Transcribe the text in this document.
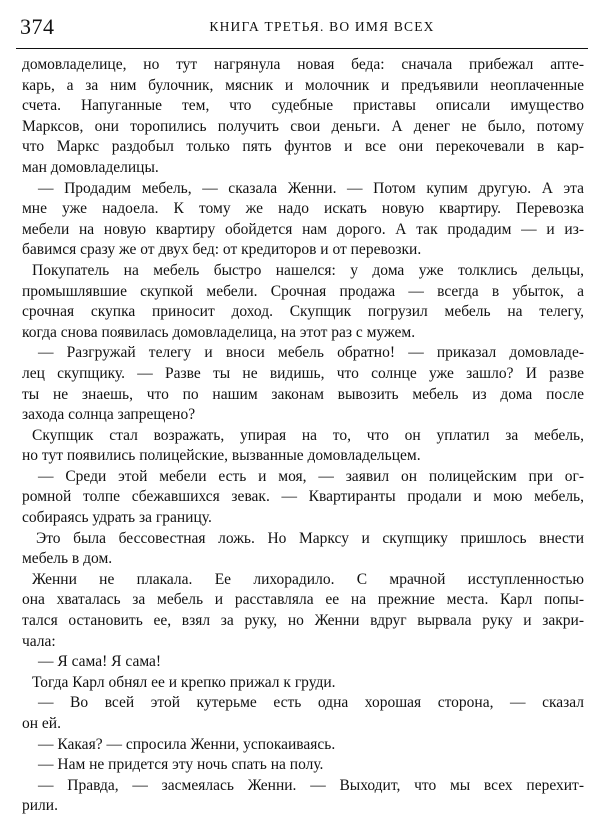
374	КНИГА ТРЕТЬЯ. ВО ИМЯ ВСЕХ
домовладелице, но тут нагрянула новая беда: сначала прибежал апте-
карь, а за ним булочник, мясник и молочник и предъявили неоплаченные
счета. Напуганные тем, что судебные приставы описали имущество
Марксов, они торопились получить свои деньги. А денег не было, потому
что Маркс раздобыл только пять фунтов и все они перекочевали в кар-
ман домовладелицы.
— Продадим мебель, — сказала Женни. — Потом купим другую. А эта
мне уже надоела. К тому же надо искать новую квартиру. Перевозка
мебели на новую квартиру обойдется нам дорого. А так продадим — и из-
бавимся сразу же от двух бед: от кредиторов и от перевозки.
Покупатель на мебель быстро нашелся: у дома уже толклись дельцы,
промышлявшие скупкой мебели. Срочная продажа — всегда в убыток, а
срочная скупка приносит доход. Скупщик погрузил мебель на телегу,
когда снова появилась домовладелица, на этот раз с мужем.
— Разгружай телегу и вноси мебель обратно! — приказал домовладе-
лец скупщику. — Разве ты не видишь, что солнце уже зашло? И разве
ты не знаешь, что по нашим законам вывозить мебель из дома после
захода солнца запрещено?
Скупщик стал возражать, упирая на то, что он уплатил за мебель,
но тут появились полицейские, вызванные домовладельцем.
— Среди этой мебели есть и моя, — заявил он полицейским при ог-
ромной толпе сбежавшихся зевак. — Квартиранты продали и мою мебель,
собираясь удрать за границу.
Это была бессовестная ложь. Но Марксу и скупщику пришлось внести
мебель в дом.
Женни не плакала. Ее лихорадило. С мрачной исступленностью
она хваталась за мебель и расставляла ее на прежние места. Карл попы-
тался остановить ее, взял за руку, но Женни вдруг вырвала руку и закри-
чала:
— Я сама! Я сама!
Тогда Карл обнял ее и крепко прижал к груди.
— Во всей этой кутерьме есть одна хорошая сторона, — сказал
он ей.
— Какая? — спросила Женни, успокаиваясь.
— Нам не придется эту ночь спать на полу.
— Правда, — засмеялась Женни. — Выходит, что мы всех перехит-
рили.
